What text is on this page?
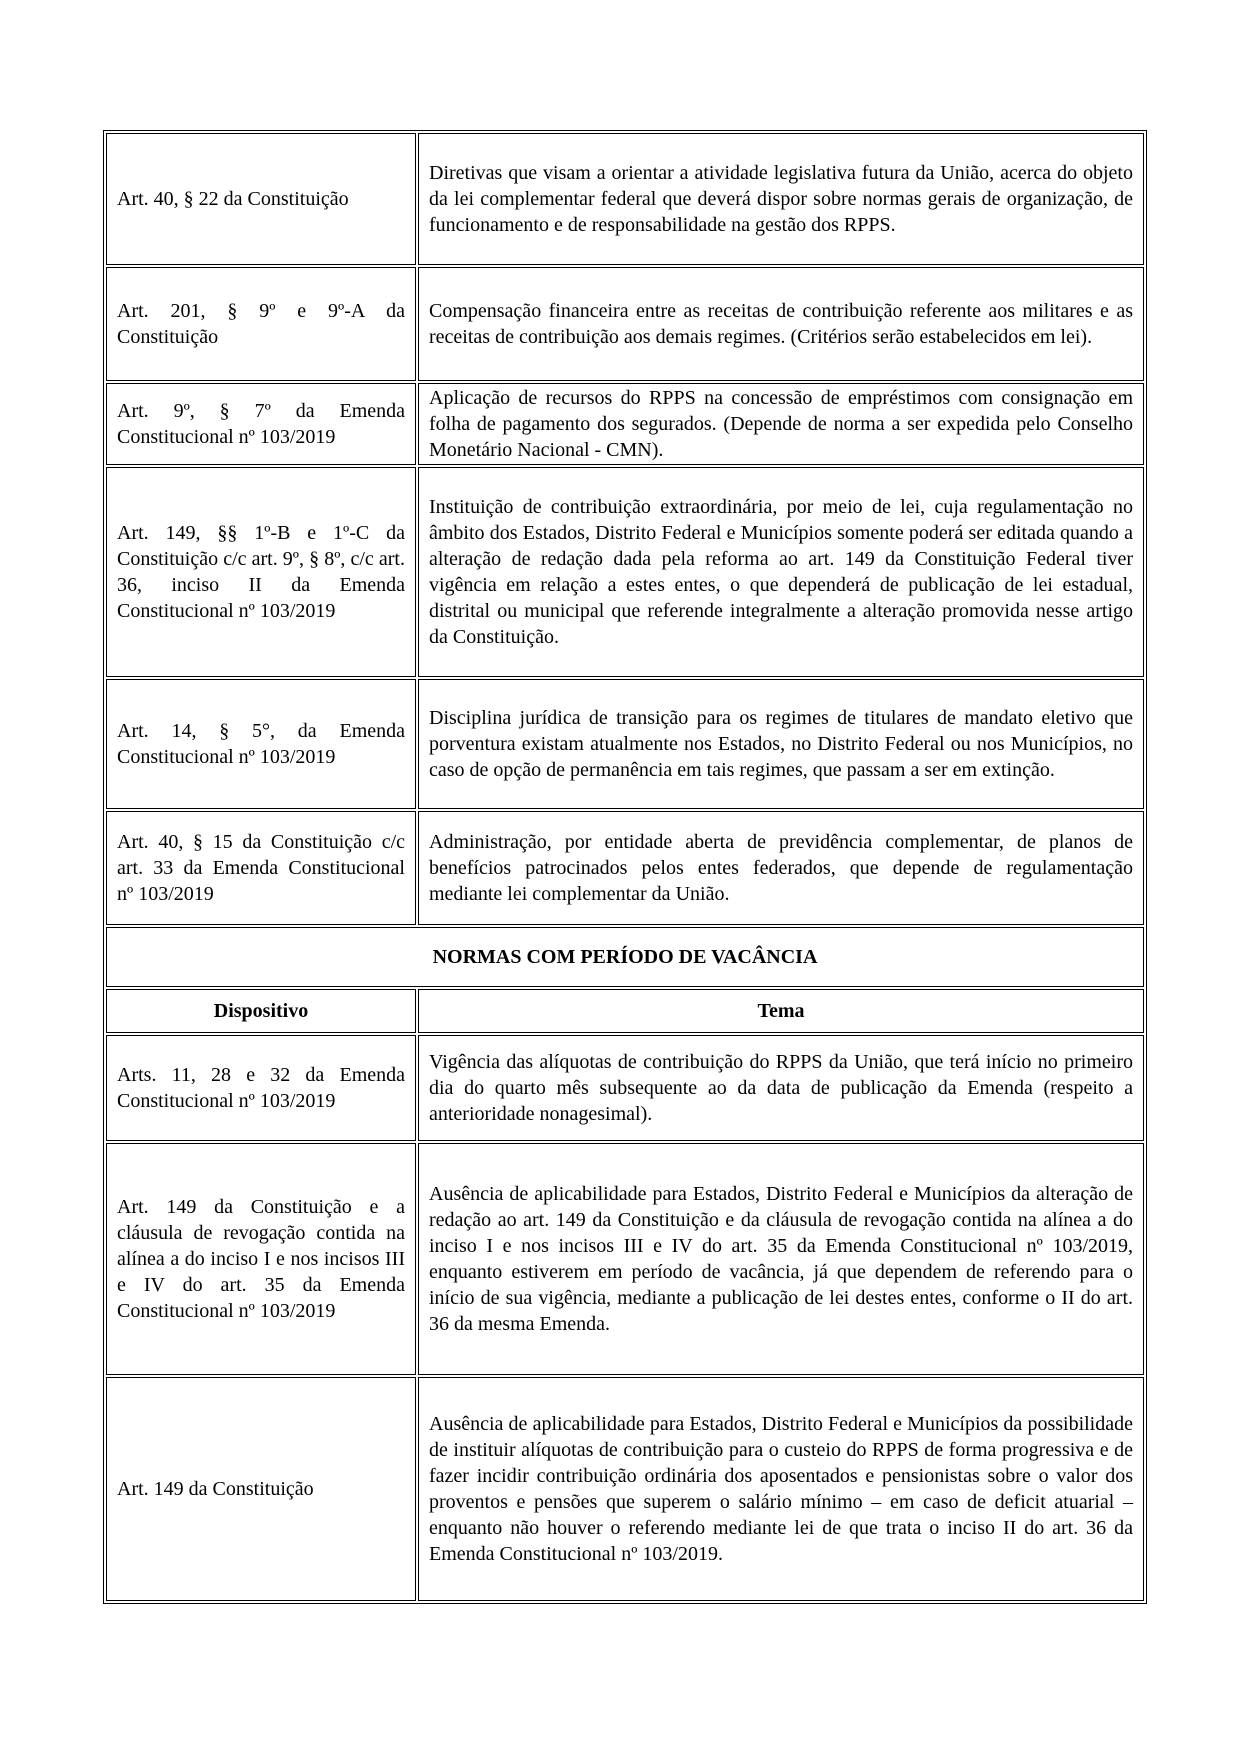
Art. 40, § 22 da Constituição	Diretivas que visam a orientar a atividade legislativa futura da União, acerca do objeto da lei complementar federal que deverá dispor sobre normas gerais de organização, de funcionamento e de responsabilidade na gestão dos RPPS.

Art. 201, § 9º e 9º-A da Constituição	Compensação financeira entre as receitas de contribuição referente aos militares e as receitas de contribuição aos demais regimes. (Critérios serão estabelecidos em lei).

Art. 9º, § 7º da Emenda Constitucional nº 103/2019	Aplicação de recursos do RPPS na concessão de empréstimos com consignação em folha de pagamento dos segurados. (Depende de norma a ser expedida pelo Conselho Monetário Nacional - CMN).

Art. 149, §§ 1º-B e 1º-C da Constituição c/c art. 9º, § 8º, c/c art. 36, inciso II da Emenda Constitucional nº 103/2019	Instituição de contribuição extraordinária, por meio de lei, cuja regulamentação no âmbito dos Estados, Distrito Federal e Municípios somente poderá ser editada quando a alteração de redação dada pela reforma ao art. 149 da Constituição Federal tiver vigência em relação a estes entes, o que dependerá de publicação de lei estadual, distrital ou municipal que referende integralmente a alteração promovida nesse artigo da Constituição.

Art. 14, § 5°, da Emenda Constitucional nº 103/2019	Disciplina jurídica de transição para os regimes de titulares de mandato eletivo que porventura existam atualmente nos Estados, no Distrito Federal ou nos Municípios, no caso de opção de permanência em tais regimes, que passam a ser em extinção.

Art. 40, § 15 da Constituição c/c art. 33 da Emenda Constitucional nº 103/2019	Administração, por entidade aberta de previdência complementar, de planos de benefícios patrocinados pelos entes federados, que depende de regulamentação mediante lei complementar da União.

NORMAS COM PERÍODO DE VACÂNCIA	
Dispositivo	Tema

Arts. 11, 28 e 32 da Emenda Constitucional nº 103/2019	Vigência das alíquotas de contribuição do RPPS da União, que terá início no primeiro dia do quarto mês subsequente ao da data de publicação da Emenda (respeito a anterioridade nonagesimal).

Art. 149 da Constituição e a cláusula de revogação contida na alínea a do inciso I e nos incisos III e IV do art. 35 da Emenda Constitucional nº 103/2019	Ausência de aplicabilidade para Estados, Distrito Federal e Municípios da alteração de redação ao art. 149 da Constituição e da cláusula de revogação contida na alínea a do inciso I e nos incisos III e IV do art. 35 da Emenda Constitucional nº 103/2019, enquanto estiverem em período de vacância, já que dependem de referendo para o início de sua vigência, mediante a publicação de lei destes entes, conforme o II do art. 36 da mesma Emenda.

Art. 149 da Constituição	Ausência de aplicabilidade para Estados, Distrito Federal e Municípios da possibilidade de instituir alíquotas de contribuição para o custeio do RPPS de forma progressiva e de fazer incidir contribuição ordinária dos aposentados e pensionistas sobre o valor dos proventos e pensões que superem o salário mínimo – em caso de deficit atuarial – enquanto não houver o referendo mediante lei de que trata o inciso II do art. 36 da Emenda Constitucional nº 103/2019.
